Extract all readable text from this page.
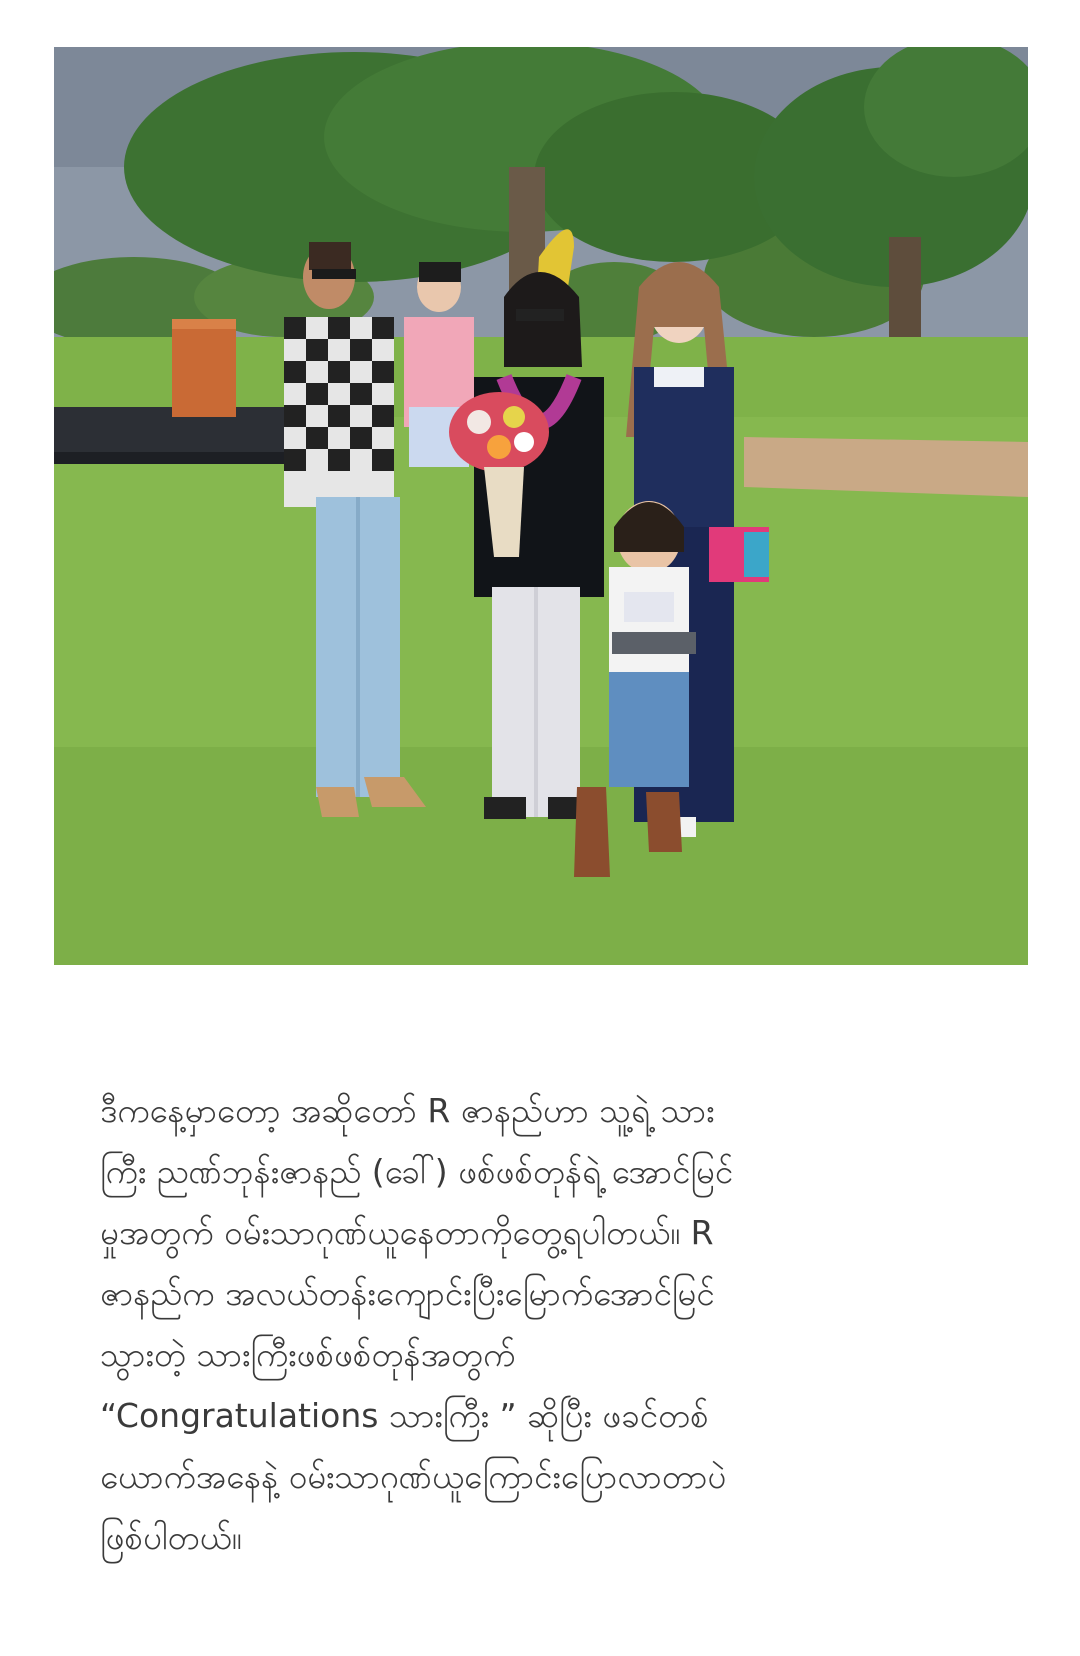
ဒီကနေ့မှာတော့ အဆိုတော် R ဇာနည်ဟာ သူ့ရဲ့ သား
ကြီး ညဏ်ဘုန်းဇာနည် (ခေါ်) ဖစ်ဖစ်တုန်ရဲ့ အောင်မြင်
မှုအတွက် ဝမ်းသာဂုဏ်ယူနေတာကိုတွေ့ရပါတယ်။ R
ဇာနည်က အလယ်တန်းကျောင်းပြီးမြောက်အောင်မြင်
သွားတဲ့ သားကြီးဖစ်ဖစ်တုန်အတွက်
“Congratulations သားကြီး ” ဆိုပြီး ဖခင်တစ်
ယောက်အနေနဲ့ ဝမ်းသာဂုဏ်ယူကြောင်းပြောလာတာပဲ
ဖြစ်ပါတယ်။
